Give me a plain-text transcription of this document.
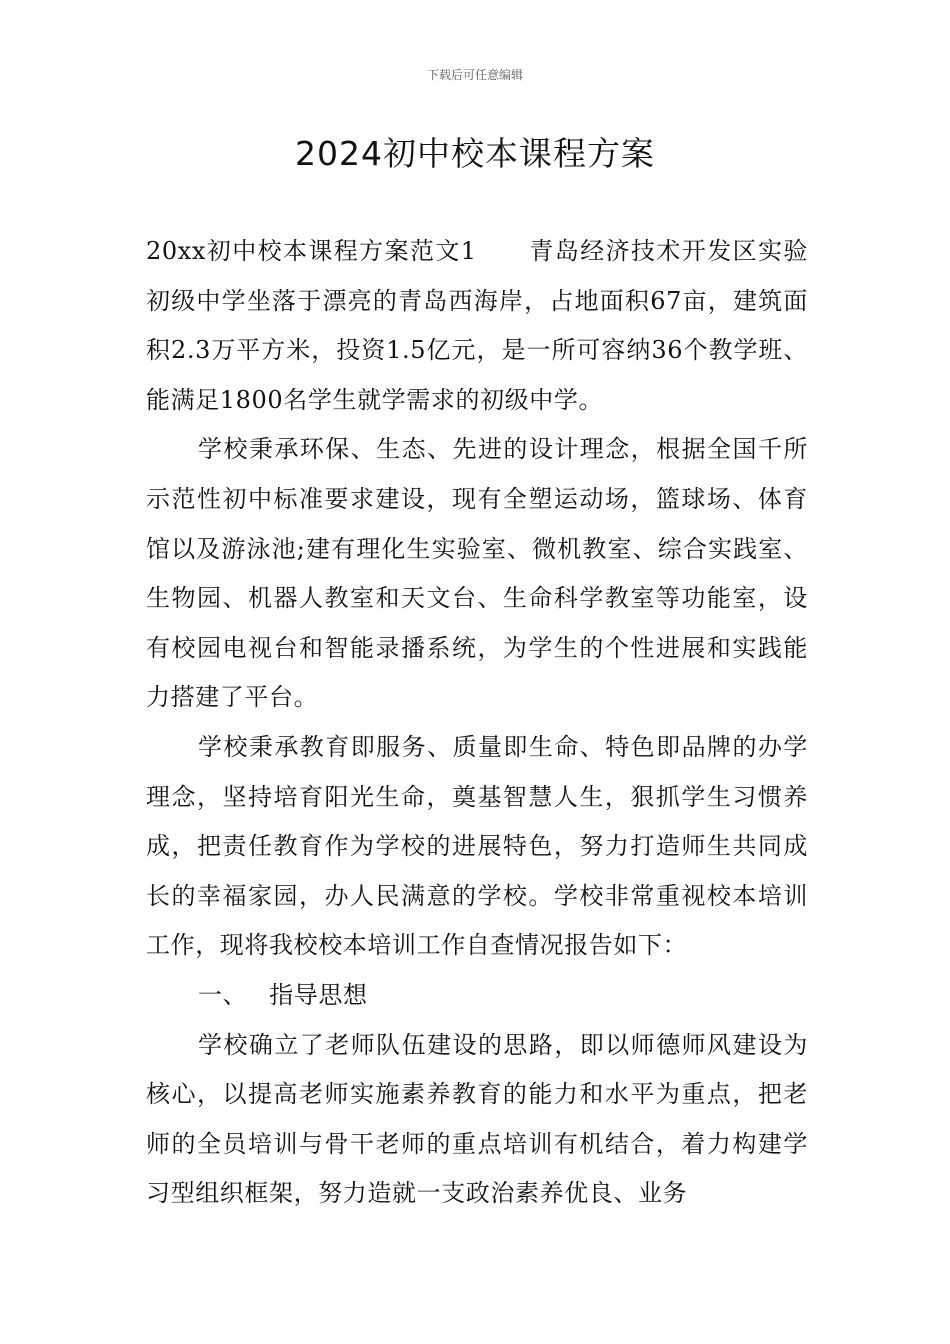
下载后可任意编辑
2024初中校本课程方案

20xx初中校本课程方案范文1 青岛经济技术开发区实验初级中学坐落于漂亮的青岛西海岸，占地面积67亩，建筑面积2.3万平方米，投资1.5亿元，是一所可容纳36个教学班、能满足1800名学生就学需求的初级中学。

学校秉承环保、生态、先进的设计理念，根据全国千所示范性初中标准要求建设，现有全塑运动场，篮球场、体育馆以及游泳池;建有理化生实验室、微机教室、综合实践室、生物园、机器人教室和天文台、生命科学教室等功能室，设有校园电视台和智能录播系统，为学生的个性进展和实践能力搭建了平台。

学校秉承教育即服务、质量即生命、特色即品牌的办学理念，坚持培育阳光生命，奠基智慧人生，狠抓学生习惯养成，把责任教育作为学校的进展特色，努力打造师生共同成长的幸福家园，办人民满意的学校。学校非常重视校本培训工作，现将我校校本培训工作自查情况报告如下：

一、 指导思想

学校确立了老师队伍建设的思路，即以师德师风建设为核心，以提高老师实施素养教育的能力和水平为重点，把老师的全员培训与骨干老师的重点培训有机结合，着力构建学习型组织框架，努力造就一支政治素养优良、业务
